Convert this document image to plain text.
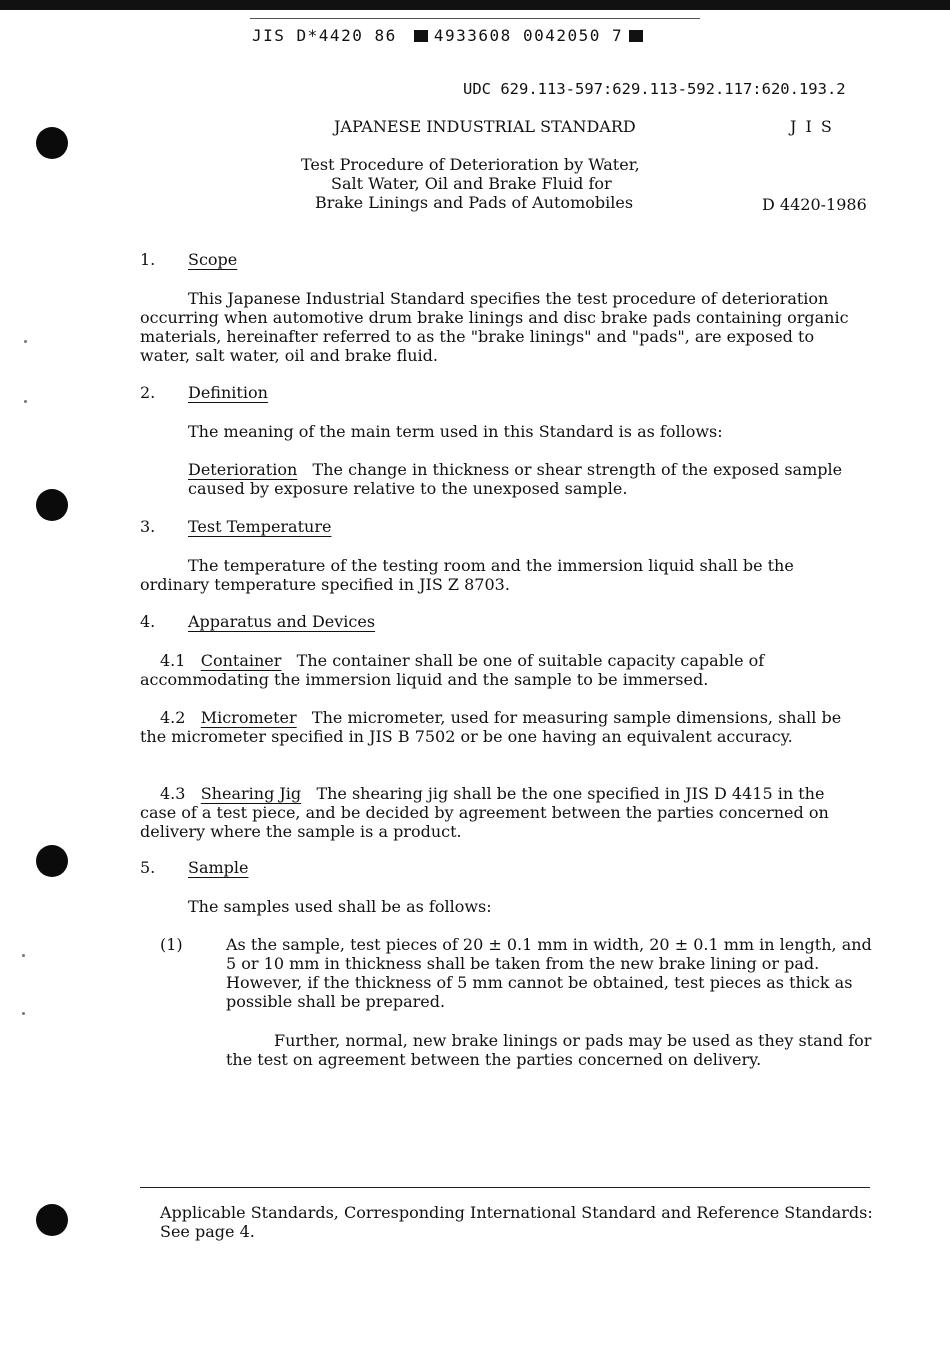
JIS D*4420 86 4933608 0042050 7
UDC 629.113-597:629.113-592.117:620.193.2
JAPANESE INDUSTRIAL STANDARD	J I S
Test Procedure of Deterioration by Water,
Salt Water, Oil and Brake Fluid for
Brake Linings and Pads of Automobiles	D 4420-1986
1. Scope
This Japanese Industrial Standard specifies the test procedure of deterioration occurring when automotive drum brake linings and disc brake pads containing organic materials, hereinafter referred to as the "brake linings" and "pads", are exposed to water, salt water, oil and brake fluid.
2. Definition
The meaning of the main term used in this Standard is as follows:
Deterioration The change in thickness or shear strength of the exposed sample caused by exposure relative to the unexposed sample.
3. Test Temperature
The temperature of the testing room and the immersion liquid shall be the ordinary temperature specified in JIS Z 8703.
4. Apparatus and Devices
4.1 Container The container shall be one of suitable capacity capable of accommodating the immersion liquid and the sample to be immersed.
4.2 Micrometer The micrometer, used for measuring sample dimensions, shall be the micrometer specified in JIS B 7502 or be one having an equivalent accuracy.
4.3 Shearing Jig The shearing jig shall be the one specified in JIS D 4415 in the case of a test piece, and be decided by agreement between the parties concerned on delivery where the sample is a product.
5. Sample
The samples used shall be as follows:
(1)	As the sample, test pieces of 20 ± 0.1 mm in width, 20 ± 0.1 mm in length, and 5 or 10 mm in thickness shall be taken from the new brake lining or pad. However, if the thickness of 5 mm cannot be obtained, test pieces as thick as possible shall be prepared.
Further, normal, new brake linings or pads may be used as they stand for the test on agreement between the parties concerned on delivery.
Applicable Standards, Corresponding International Standard and Reference Standards: See page 4.
